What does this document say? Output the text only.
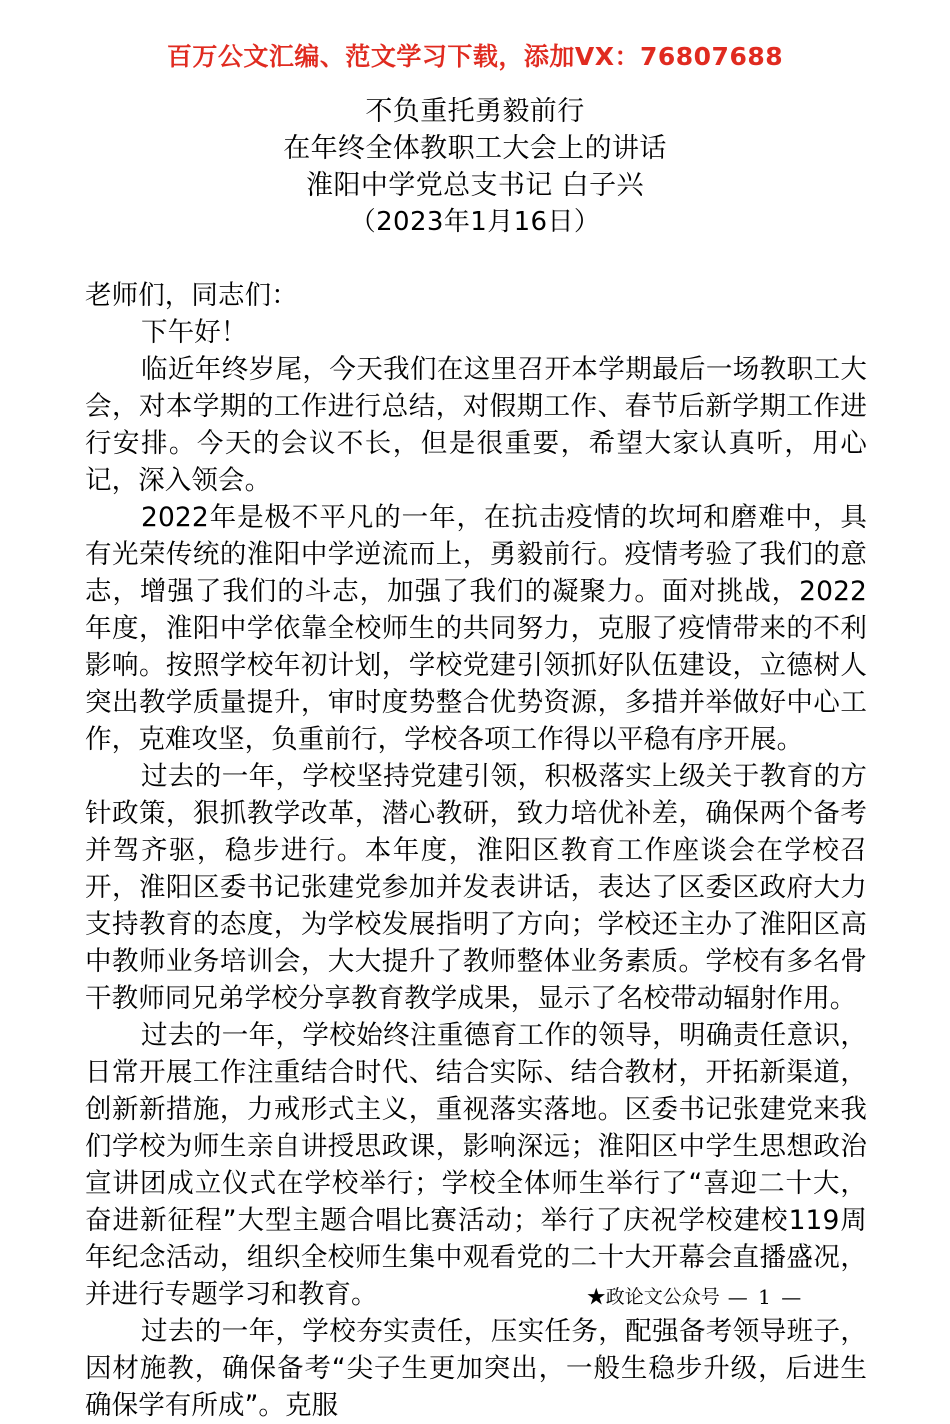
百万公文汇编、范文学习下载，添加VX：76807688
不负重托勇毅前行
在年终全体教职工大会上的讲话
淮阳中学党总支书记 白子兴
（2023年1月16日）

老师们，同志们：

下午好！

临近年终岁尾，今天我们在这里召开本学期最后一场教职工大会，对本学期的工作进行总结，对假期工作、春节后新学期工作进行安排。今天的会议不长，但是很重要，希望大家认真听，用心记，深入领会。

2022年是极不平凡的一年，在抗击疫情的坎坷和磨难中，具有光荣传统的淮阳中学逆流而上，勇毅前行。疫情考验了我们的意志，增强了我们的斗志，加强了我们的凝聚力。面对挑战，2022年度，淮阳中学依靠全校师生的共同努力，克服了疫情带来的不利影响。按照学校年初计划，学校党建引领抓好队伍建设，立德树人突出教学质量提升，审时度势整合优势资源，多措并举做好中心工作，克难攻坚，负重前行，学校各项工作得以平稳有序开展。

过去的一年，学校坚持党建引领，积极落实上级关于教育的方针政策，狠抓教学改革，潜心教研，致力培优补差，确保两个备考并驾齐驱，稳步进行。本年度，淮阳区教育工作座谈会在学校召开，淮阳区委书记张建党参加并发表讲话，表达了区委区政府大力支持教育的态度，为学校发展指明了方向；学校还主办了淮阳区高中教师业务培训会，大大提升了教师整体业务素质。学校有多名骨干教师同兄弟学校分享教育教学成果，显示了名校带动辐射作用。

过去的一年，学校始终注重德育工作的领导，明确责任意识，日常开展工作注重结合时代、结合实际、结合教材，开拓新渠道，创新新措施，力戒形式主义，重视落实落地。区委书记张建党来我们学校为师生亲自讲授思政课，影响深远；淮阳区中学生思想政治宣讲团成立仪式在学校举行；学校全体师生举行了“喜迎二十大，奋进新征程”大型主题合唱比赛活动；举行了庆祝学校建校119周年纪念活动，组织全校师生集中观看党的二十大开幕会直播盛况，并进行专题学习和教育。

过去的一年，学校夯实责任，压实任务，配强备考领导班子，因材施教，确保备考“尖子生更加突出，一般生稳步升级，后进生确保学有所成”。克服

★政论文公众号 — 1 —
